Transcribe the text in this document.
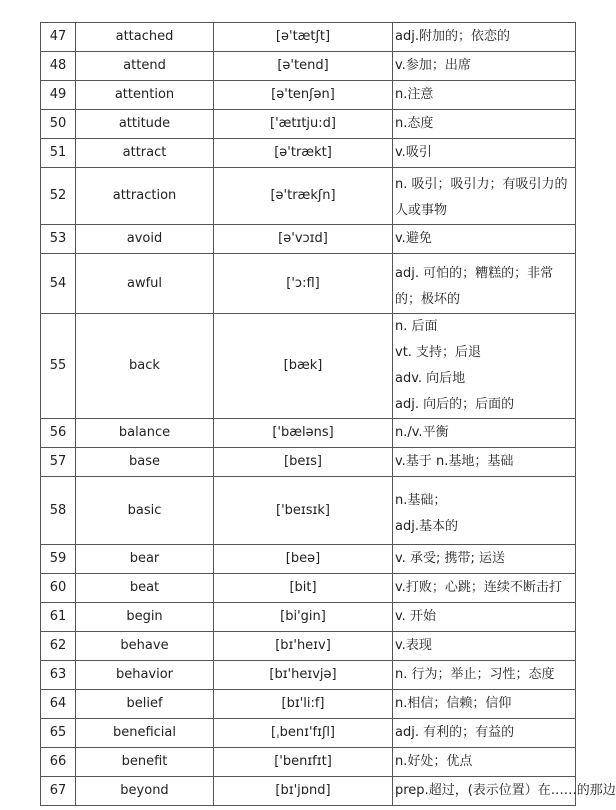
47	attached	[ə'tætʃt]	adj.附加的；依恋的

48	attend	[ə'tend]	v.参加；出席

49	attention	[ə'tenʃən]	n.注意

50	attitude	['ætɪtju:d]	n.态度

51	attract	[ə'trækt]	v.吸引

52	attraction	[ə'trækʃn]	n. 吸引；吸引力；有吸引力的人或事物

53	avoid	[ə'vɔɪd]	v.避免

54	awful	['ɔ:fl]	adj. 可怕的；糟糕的；非常的；极坏的

55	back	[bæk]	n. 后面
vt. 支持；后退
adv. 向后地
adj. 向后的；后面的

56	balance	['bæləns]	n./v.平衡

57	base	[beɪs]	v.基于 n.基地；基础

58	basic	['beɪsɪk]	n.基础；
adj.基本的

59	bear	[beə]	v. 承受; 携带; 运送

60	beat	[bit]	v.打败；心跳；连续不断击打

61	begin	[bi'gin]	v. 开始

62	behave	[bɪ'heɪv]	v.表现

63	behavior	[bɪ'heɪvjə]	n. 行为；举止；习性；态度

64	belief	[bɪ'li:f]	n.相信；信赖；信仰

65	beneficial	[ˌbenɪ'fɪʃl]	adj. 有利的；有益的

66	benefit	['benɪfɪt]	n.好处；优点

67	beyond	[bɪ'jɒnd]	prep.超过，(表示位置）在……的那边
